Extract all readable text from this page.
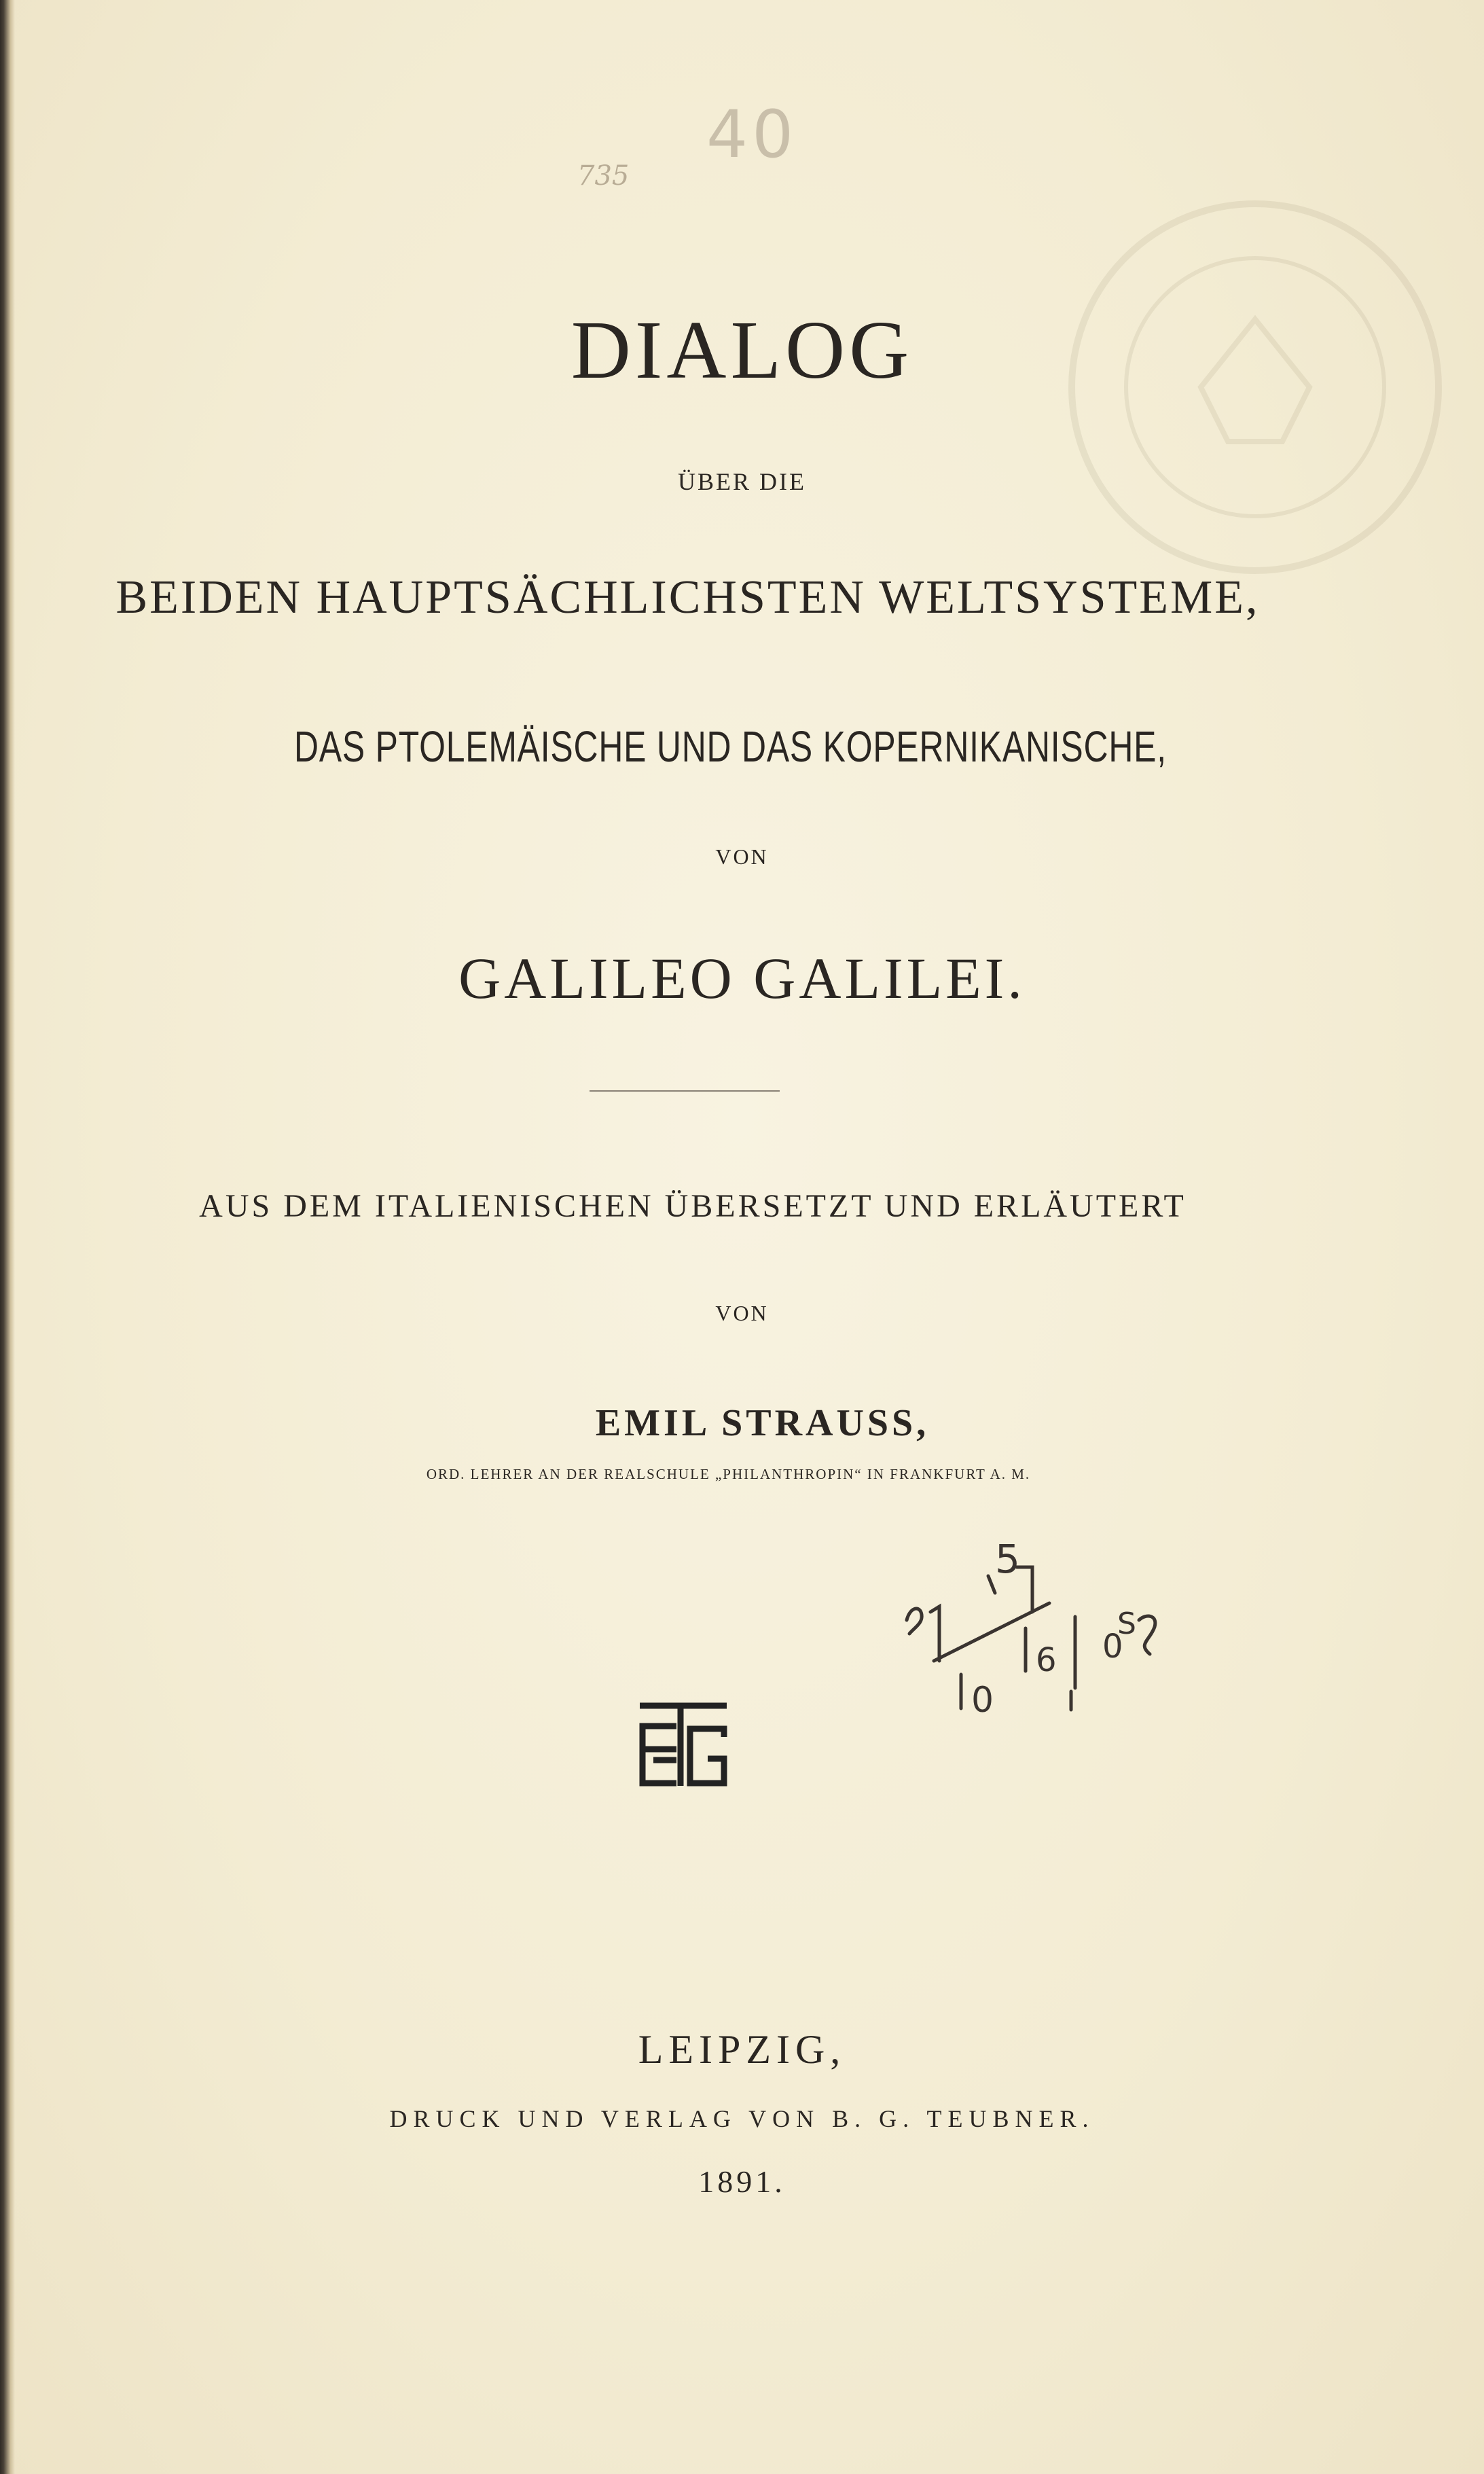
40
735
DIALOG
ÜBER DIE
BEIDEN HAUPTSÄCHLICHSTEN WELTSYSTEME,
DAS PTOLEMÄISCHE UND DAS KOPERNIKANISCHE,
VON
GALILEO GALILEI.
AUS DEM ITALIENISCHEN ÜBERSETZT UND ERLÄUTERT
VON
EMIL STRAUSS,
ORD. LEHRER AN DER REALSCHULE „PHILANTHROPIN“ IN FRANKFURT A. M.
5
6 0
S
0
LEIPZIG,
DRUCK UND VERLAG VON B. G. TEUBNER.
1891.
